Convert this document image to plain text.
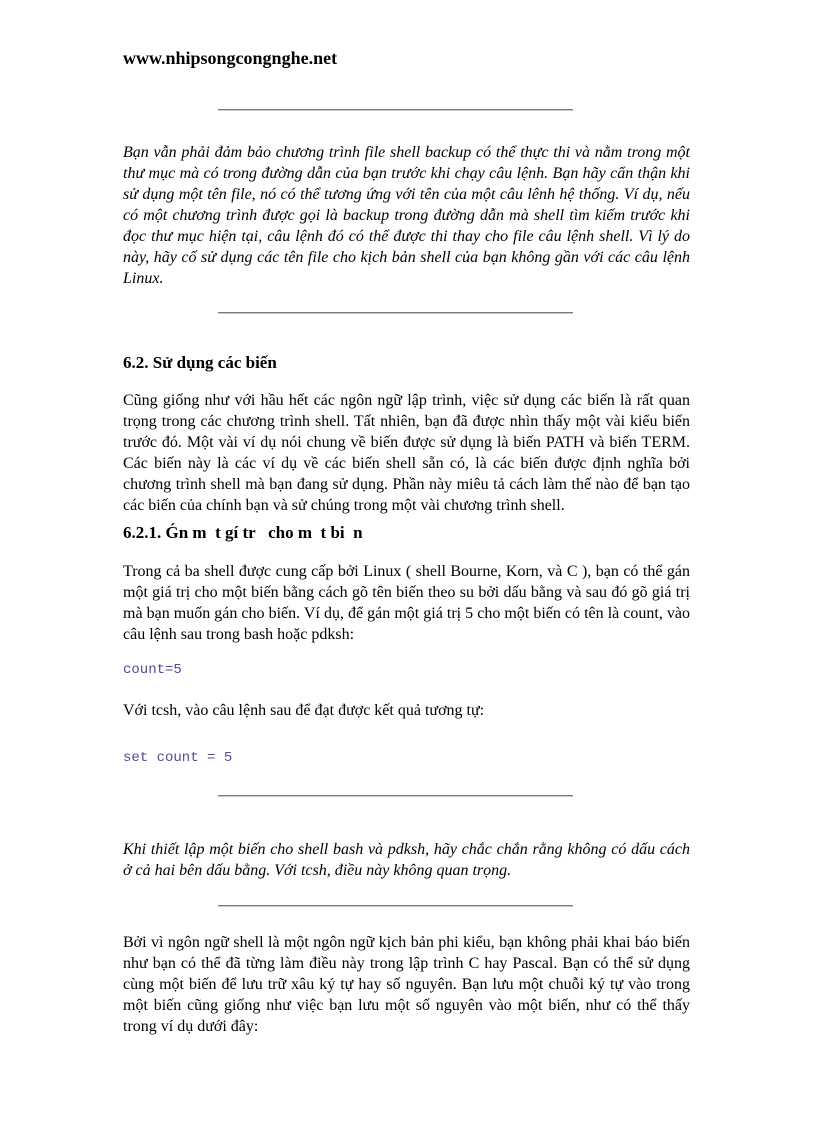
www.nhipsongcongnghe.net

Bạn vẫn phải đảm bảo chương trình file shell backup có thể thực thi và nằm trong một thư mục mà có trong đường dẫn của bạn trước khi chạy câu lệnh. Bạn hãy cẩn thận khi sử dụng một tên file, nó có thể tương ứng với tên của một câu lênh hệ thống. Ví dụ, nếu có một chương trình được gọi là backup trong đường dẫn mà shell tìm kiếm trước khi đọc thư mục hiện tại, câu lệnh đó có thể được thi thay cho file câu lệnh shell. Vì lý do này, hãy cố sử dụng các tên file cho kịch bản shell của bạn không gần với các câu lệnh Linux.

6.2. Sử dụng các biến

Cũng giống như với hầu hết các ngôn ngữ lập trình, việc sử dụng các biến là rất quan trọng trong các chương trình shell. Tất nhiên, bạn đã được nhìn thấy một vài kiểu biến trước đó. Một vài ví dụ nói chung về biến được sử dụng là biến PATH và biến TERM. Các biến này là các ví dụ về các biến shell sẵn có, là các biến được định nghĩa bởi chương trình shell mà bạn đang sử dụng. Phần này miêu tả cách làm thế nào để bạn tạo các biến của chính bạn và sử chúng trong một vài chương trình shell.

6.2.1. Ǵn m  t gí tr   cho m  t bi  n

Trong cả ba shell được cung cấp bởi Linux ( shell Bourne, Korn, và C ), bạn có thể gán một giá trị cho một biến bằng cách gõ tên biến theo su bởi dấu bằng và sau đó gõ giá trị mà bạn muốn gán cho biến. Ví dụ, để gán một giá trị 5 cho một biến có tên là count, vào câu lệnh sau trong bash hoặc pdksh:

count=5

Với tcsh, vào câu lệnh sau để đạt được kết quả tương tự:

set count = 5

Khi thiết lập một biến cho shell bash và pdksh, hãy chắc chắn rằng không có dấu cách ở cả hai bên dấu bằng. Với tcsh, điều này không quan trọng.

Bởi vì ngôn ngữ shell là một ngôn ngữ kịch bản phi kiểu, bạn không phải khai báo biến như bạn có thể đã từng làm điều này trong lập trình C hay Pascal. Bạn có thể sử dụng cùng một biến để lưu trữ xâu ký tự hay số nguyên. Bạn lưu một chuỗi ký tự vào trong một biến cũng giống như việc bạn lưu một số nguyên vào một biến, như có thể thấy trong ví dụ dưới đây:
